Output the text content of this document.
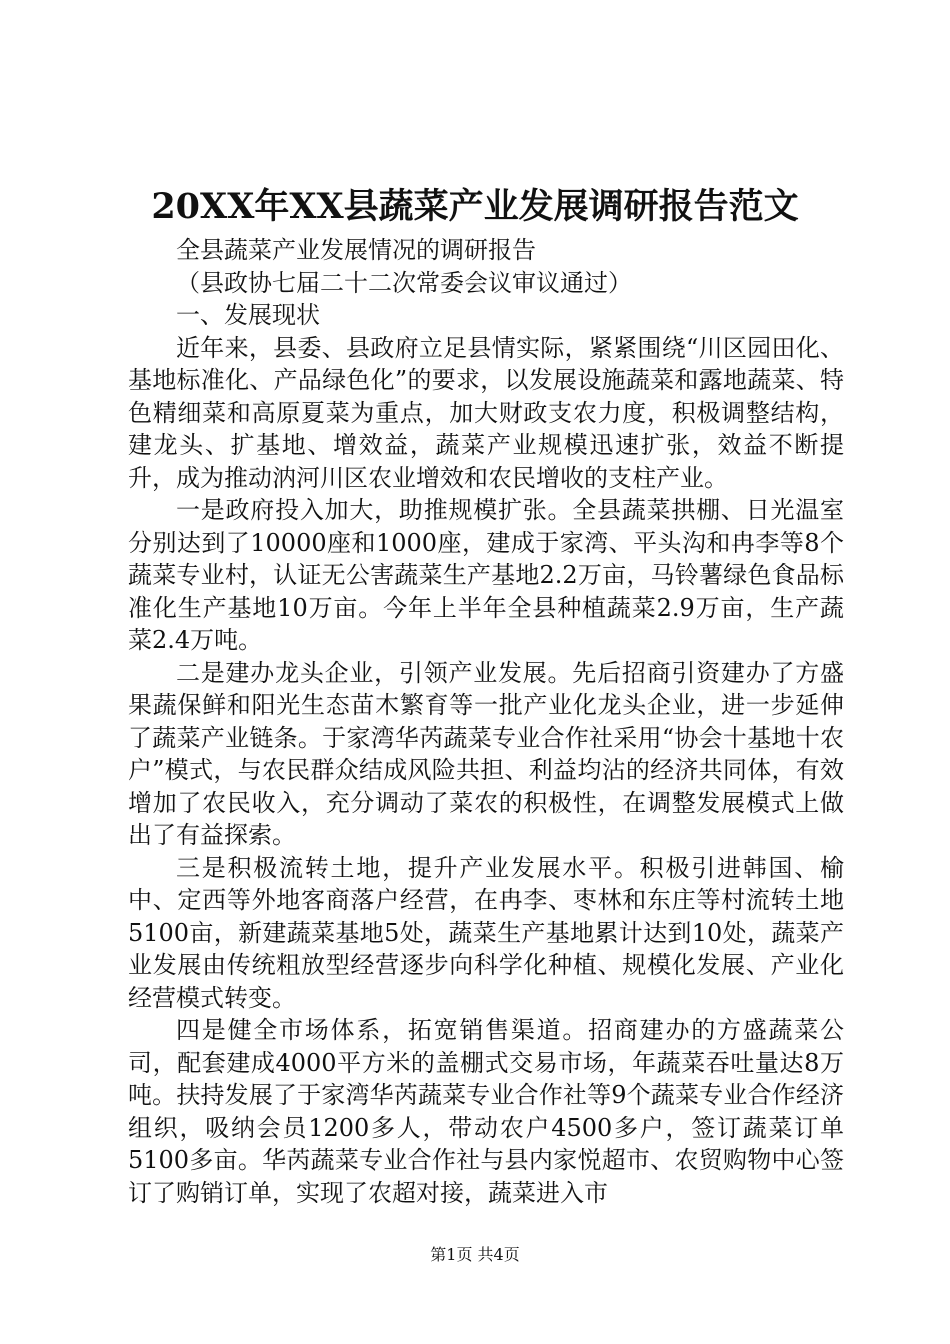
20XX年XX县蔬菜产业发展调研报告范文

全县蔬菜产业发展情况的调研报告

（县政协七届二十二次常委会议审议通过）

一、发展现状

近年来，县委、县政府立足县情实际，紧紧围绕“川区园田化、基地标准化、产品绿色化”的要求，以发展设施蔬菜和露地蔬菜、特色精细菜和高原夏菜为重点，加大财政支农力度，积极调整结构，建龙头、扩基地、增效益，蔬菜产业规模迅速扩张，效益不断提升，成为推动汭河川区农业增效和农民增收的支柱产业。

一是政府投入加大，助推规模扩张。全县蔬菜拱棚、日光温室分别达到了10000座和1000座，建成于家湾、平头沟和冉李等8个蔬菜专业村，认证无公害蔬菜生产基地2.2万亩，马铃薯绿色食品标准化生产基地10万亩。今年上半年全县种植蔬菜2.9万亩，生产蔬菜2.4万吨。

二是建办龙头企业，引领产业发展。先后招商引资建办了方盛果蔬保鲜和阳光生态苗木繁育等一批产业化龙头企业，进一步延伸了蔬菜产业链条。于家湾华芮蔬菜专业合作社采用“协会十基地十农户”模式，与农民群众结成风险共担、利益均沾的经济共同体，有效增加了农民收入，充分调动了菜农的积极性，在调整发展模式上做出了有益探索。

三是积极流转土地，提升产业发展水平。积极引进韩国、榆中、定西等外地客商落户经营，在冉李、枣林和东庄等村流转土地5100亩，新建蔬菜基地5处，蔬菜生产基地累计达到10处，蔬菜产业发展由传统粗放型经营逐步向科学化种植、规模化发展、产业化经营模式转变。

四是健全市场体系，拓宽销售渠道。招商建办的方盛蔬菜公司，配套建成4000平方米的盖棚式交易市场，年蔬菜吞吐量达8万吨。扶持发展了于家湾华芮蔬菜专业合作社等9个蔬菜专业合作经济组织，吸纳会员1200多人，带动农户4500多户，签订蔬菜订单5100多亩。华芮蔬菜专业合作社与县内家悦超市、农贸购物中心签订了购销订单，实现了农超对接，蔬菜进入市

第1页 共4页
